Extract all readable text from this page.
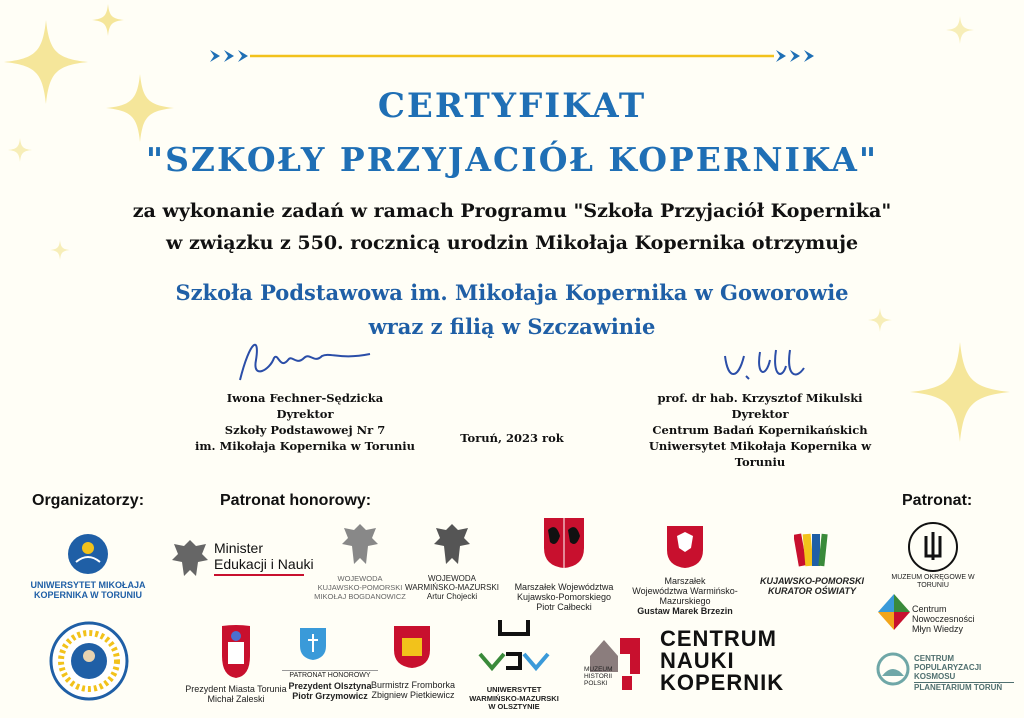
CERTYFIKAT
"SZKOŁY PRZYJACIÓŁ KOPERNIKA"
za wykonanie zadań w ramach Programu "Szkoła Przyjaciół Kopernika"
w związku z 550. rocznicą urodzin Mikołaja Kopernika otrzymuje
Szkoła Podstawowa im. Mikołaja Kopernika w Goworowie
wraz z filią w Szczawinie
Iwona Fechner-Sędzicka
Dyrektor
Szkoły Podstawowej Nr 7
im. Mikołaja Kopernika w Toruniu
Toruń, 2023 rok
prof. dr hab. Krzysztof Mikulski
Dyrektor
Centrum Badań Kopernikańskich
Uniwersytet Mikołaja Kopernika w Toruniu
Organizatorzy:	Patronat honorowy:	Patronat:
UNIWERSYTET MIKOŁAJA KOPERNIKA W TORUNIU
Minister
Edukacji i Nauki
WOJEWODA
KUJAWSKO-POMORSKI
MIKOŁAJ BOGDANOWICZ
WOJEWODA
WARMIŃSKO-MAZURSKI
Artur Chojecki
Marszałek Województwa
Kujawsko-Pomorskiego
Piotr Całbecki
Marszałek
Województwa Warmińsko-Mazurskiego
Gustaw Marek Brzezin
KUJAWSKO-POMORSKI
KURATOR OŚWIATY
MUZEUM OKRĘGOWE W TORUNIU
Centrum
Nowoczesności
Młyn Wiedzy
CENTRUM
POPULARYZACJI
KOSMOSU
PLANETARIUM TORUŃ
Prezydent Miasta Torunia
Michał Zaleski
PATRONAT HONOROWY
Prezydent Olsztyna
Piotr Grzymowicz
Burmistrz Fromborka
Zbigniew Pietkiewicz
UNIWERSYTET
WARMIŃSKO-MAZURSKI
W OLSZTYNIE
MUZEUM
HISTORII
POLSKI
CENTRUM
NAUKI
KOPERNIK
